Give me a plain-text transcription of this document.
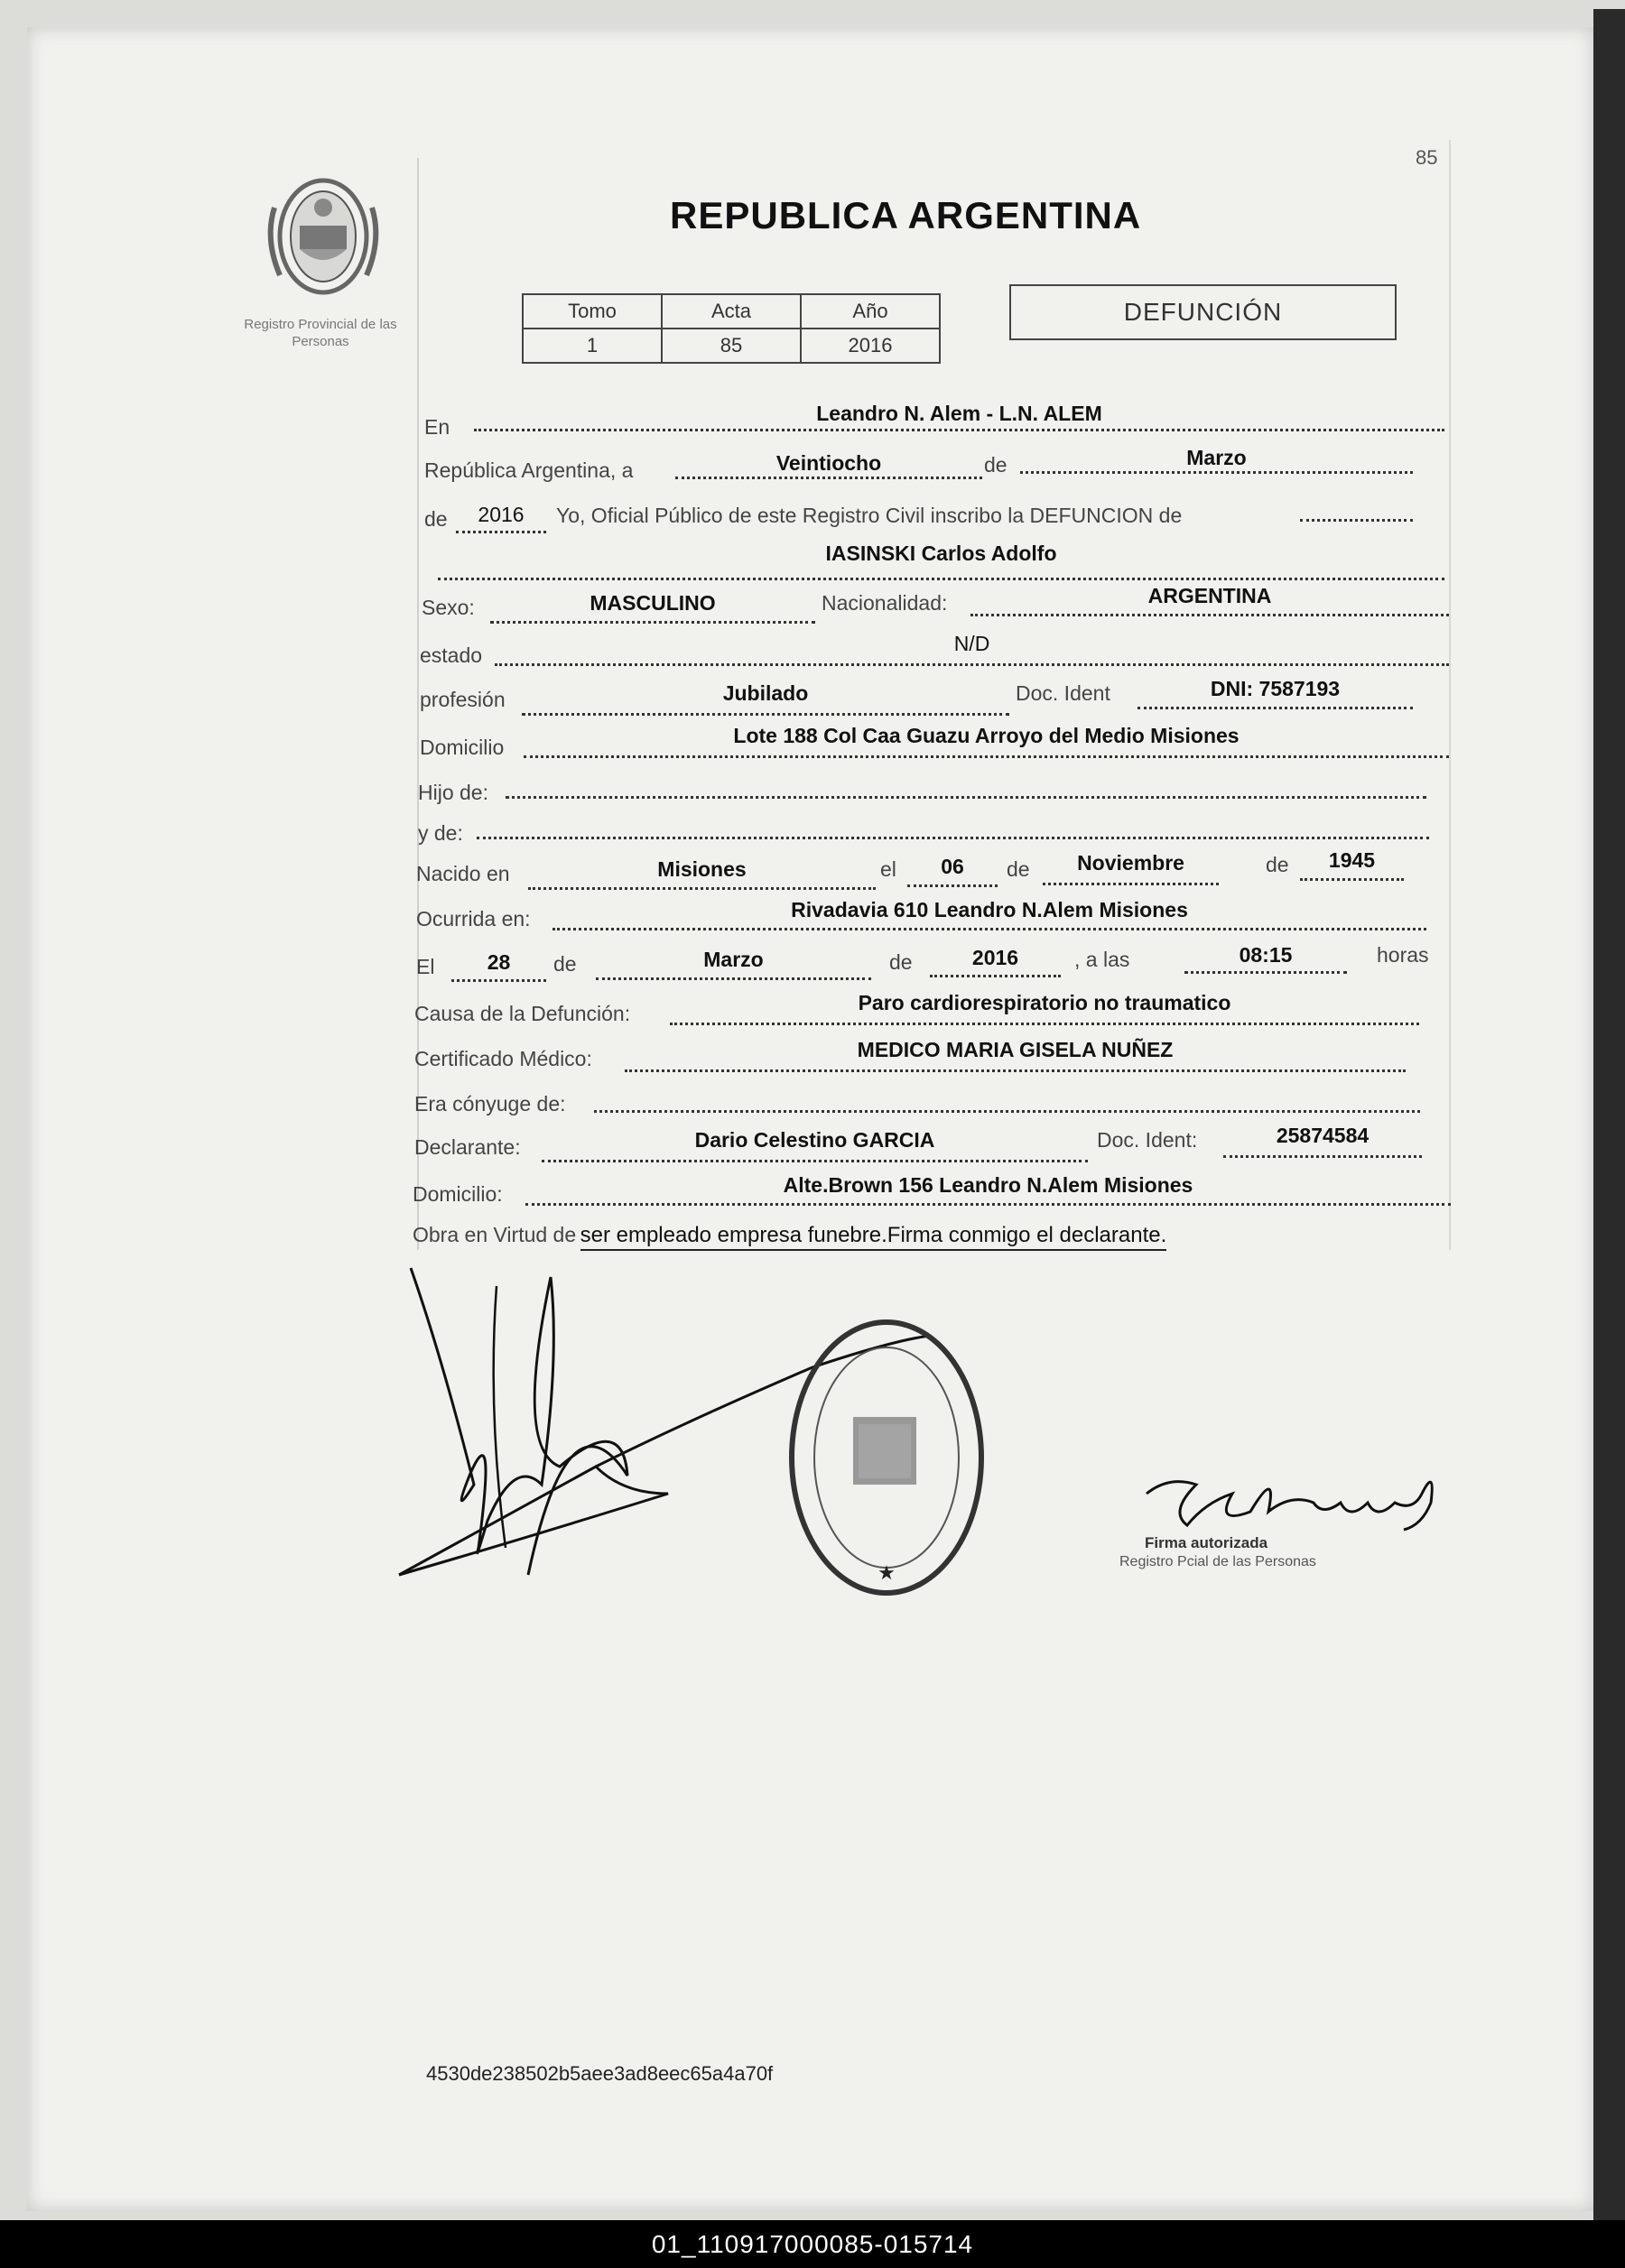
85
REPUBLICA ARGENTINA
Registro Provincial de las Personas
Tomo	Acta	Año
1	85	2016
DEFUNCIÓN
En
Leandro N. Alem - L.N. ALEM
República Argentina, a	Veintiocho	de	Marzo
de	2016	Yo, Oficial Público de este Registro Civil inscribo la DEFUNCION de
IASINSKI Carlos Adolfo
Sexo:	MASCULINO	Nacionalidad:	ARGENTINA
estado	N/D
profesión	Jubilado	Doc. Ident	DNI: 7587193
Domicilio	Lote 188 Col Caa Guazu Arroyo del Medio Misiones
Hijo de:
y de:
Nacido en	Misiones	el	06	de	Noviembre	de	1945
Ocurrida en:	Rivadavia 610 Leandro N.Alem Misiones
El	28	de	Marzo	de	2016	, a las	08:15	horas
Causa de la Defunción:	Paro cardiorespiratorio no traumatico
Certificado Médico:	MEDICO MARIA GISELA NUÑEZ
Era cónyuge de:
Declarante:	Dario Celestino GARCIA	Doc. Ident:	25874584
Domicilio:	Alte.Brown 156 Leandro N.Alem Misiones
Obra en Virtud de ser empleado empresa funebre.Firma conmigo el declarante.
★
Firma autorizada
Registro Pcial de las Personas
4530de238502b5aee3ad8eec65a4a70f
01_110917000085-015714
